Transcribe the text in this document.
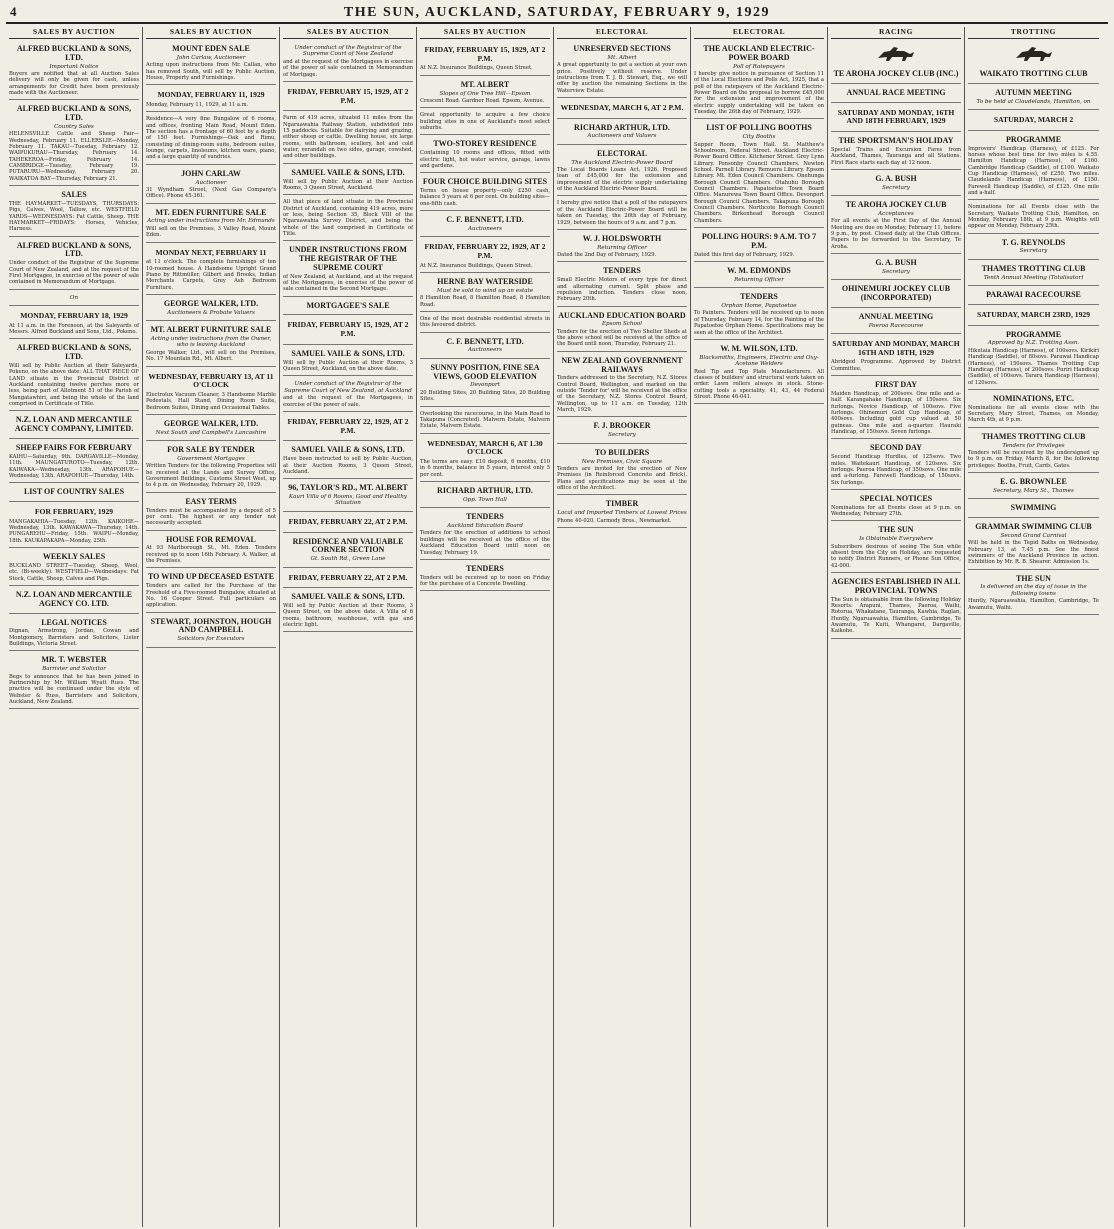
4	THE SUN, AUCKLAND, SATURDAY, FEBRUARY 9, 1929
SALES BY AUCTION
ALFRED BUCKLAND & SONS, LTD.
Important Notice
Buyers are notified that at all Auction Sales delivery will only be given for cash, unless arrangements for Credit have been previously made with the Auctioneer.
ALFRED BUCKLAND & SONS, LTD.
Country Sales
HELENSVILLE Cattle and Sheep Fair—Wednesday, February 11. ELLERSLIE—Monday, February 11. TAKAU—Tuesday, February 12. WAIPUKURAU—Thursday, February 14. TAHEKEROA—Friday, February 14. CAMBRIDGE—Tuesday, February 19. PUTARURU—Wednesday, February 20. WAIKATOA BAY—Thursday, February 21.
SALES
THE HAYMARKET—TUESDAYS, THURSDAYS: Pigs, Calves, Wool, Tallow, etc. WESTFIELD YARDS—WEDNESDAYS: Fat Cattle, Sheep. THE HAYMARKET—FRIDAYS: Horses, Vehicles, Harness.
ALFRED BUCKLAND & SONS, LTD.
Under conduct of the Registrar of the Supreme Court of New Zealand, and at the request of the First Mortgagee, in exercise of the power of sale contained in Memorandum of Mortgage.
On
MONDAY, FEBRUARY 18, 1929
At 11 a.m. in the Forenoon, at the Saleyards of Messrs. Alfred Buckland and Sons, Ltd., Pokeno.
ALFRED BUCKLAND & SONS, LTD.
Will sell by Public Auction at their Saleyards, Pokeno, on the above date: ALL THAT PIECE OF LAND situate in the Provincial District of Auckland containing twelve perches more or less, being part of Allotment 51 of the Parish of Mangatawhiri, and being the whole of the land comprised in Certificate of Title.
N.Z. LOAN AND MERCANTILE AGENCY COMPANY, LIMITED.
SHEEP FAIRS FOR FEBRUARY
KAIHU—Saturday, 9th. DARGAVILLE—Monday, 11th. MAUNGATUROTO—Tuesday, 12th. KAIWAKA—Wednesday, 13th. ARAPOHUE—Wednesday, 13th. ARAPOHUE—Thursday, 14th.
LIST OF COUNTRY SALES
FOR FEBRUARY, 1929
MANGAKAHIA—Tuesday, 12th. KAIKOHE—Wednesday, 13th. KAWAKAWA—Thursday, 14th. PUNGAREHU—Friday, 15th. WAIPU—Monday, 18th. KAUKAPAKAPA—Monday, 25th.
WEEKLY SALES
BUCKLAND STREET—Tuesday, Sheep, Wool, etc. (Bi-weekly). WESTFIELD—Wednesdays: Fat Stock, Cattle, Sheep, Calves and Pigs.
N.Z. LOAN AND MERCANTILE AGENCY CO. LTD.
LEGAL NOTICES
Dignan, Armstrong, Jordan, Cowan and Montgomery, Barristers and Solicitors, Lister Buildings, Victoria Street.
MR. T. WEBSTER
Barrister and Solicitor
Begs to announce that he has been joined in Partnership by Mr. William Wyatt Russ. The practice will be continued under the style of Webster & Russ, Barristers and Solicitors, Auckland, New Zealand.
SALES BY AUCTION
MOUNT EDEN SALE
John Carlaw, Auctioneer
Acting upon instructions from Mr. Callan, who has removed South, will sell by Public Auction, House, Property and Furnishings.
MONDAY, FEBRUARY 11, 1929
Monday, February 11, 1929, at 11 a.m.
Residence—A very fine Bungalow of 6 rooms, and offices, fronting Main Road, Mount Eden. The section has a frontage of 60 feet by a depth of 150 feet. Furnishings—Oak and Rimu, consisting of dining-room suite, bedroom suites, lounge, carpets, linoleums, kitchen ware, piano, and a large quantity of sundries.
JOHN CARLAW
Auctioneer
31 Wyndham Street, (Next Gas Company's Office). Phone 45-361.
MT. EDEN FURNITURE SALE
Acting under instructions from Mr. Edmunds
Will sell on the Premises, 3 Valley Road, Mount Eden.
MONDAY NEXT, FEBRUARY 11
at 11 o'clock. The complete furnishings of ten 10-roomed house. A Handsome Upright Grand Piano by Rittmüller, Gilbert and Brooks, Indian Merchants Carpets, Grey Ash Bedroom Furniture.
GEORGE WALKER, LTD.
Auctioneers & Probate Valuers
MT. ALBERT FURNITURE SALE
Acting under instructions from the Owner, who is leaving Auckland
George Walker, Ltd., will sell on the Premises, No. 17 Mountain Rd., Mt. Albert.
WEDNESDAY, FEBRUARY 13, AT 11 O'CLOCK
Electrolux Vacuum Cleaner, 3 Handsome Marble Pedestals, Hall Stand, Dining Room Suite, Bedroom Suites, Dining and Occasional Tables.
GEORGE WALKER, LTD.
Next South and Campbell's Lancashire
FOR SALE BY TENDER
Government Mortgages
Written Tenders for the following Properties will be received at the Lands and Survey Office, Government Buildings, Customs Street West, up to 4 p.m. on Wednesday, February 20, 1929.
EASY TERMS
Tenders must be accompanied by a deposit of 5 per cent. The highest or any tender not necessarily accepted.
HOUSE FOR REMOVAL
At 93 Marlborough St., Mt. Eden. Tenders received up to noon 16th February. A. Walker, at the Premises.
TO WIND UP DECEASED ESTATE
Tenders are called for the Purchase of the Freehold of a Five-roomed Bungalow, situated at No. 16 Cooper Street. Full particulars on application.
STEWART, JOHNSTON, HOUGH AND CAMPBELL
Solicitors for Executors
SALES BY AUCTION
Under conduct of the Registrar of the Supreme Court of New Zealand
and at the request of the Mortgagees in exercise of the power of sale contained in Memorandum of Mortgage.
FRIDAY, FEBRUARY 15, 1929, AT 2 P.M.
Farm of 419 acres, situated 11 miles from the Ngaruawahia Railway Station, subdivided into 15 paddocks. Suitable for dairying and grazing, either sheep or cattle. Dwelling house, six large rooms, with bathroom, scullery, hot and cold water, verandah on two sides, garage, cowshed, and other buildings.
SAMUEL VAILE & SONS, LTD.
Will sell by Public Auction at their Auction Rooms, 3 Queen Street, Auckland.
All that piece of land situate in the Provincial District of Auckland, containing 419 acres, more or less, being Section 35, Block VIII of the Ngaruawahia Survey District, and being the whole of the land comprised in Certificate of Title.
UNDER INSTRUCTIONS FROM THE REGISTRAR OF THE SUPREME COURT
of New Zealand, at Auckland, and at the request of the Mortgagees, in exercise of the power of sale contained in the Second Mortgage.
MORTGAGEE'S SALE
FRIDAY, FEBRUARY 15, 1929, AT 2 P.M.
SAMUEL VAILE & SONS, LTD.
Will sell by Public Auction at their Rooms, 3 Queen Street, Auckland, on the above date.
Under conduct of the Registrar of the Supreme Court of New Zealand, at Auckland
and at the request of the Mortgagees, in exercise of the power of sale.
FRIDAY, FEBRUARY 22, 1929, AT 2 P.M.
SAMUEL VAILE & SONS, LTD.
Have been instructed to sell by Public Auction, at their Auction Rooms, 3 Queen Street, Auckland.
96, TAYLOR'S RD., MT. ALBERT
Kauri Villa of 6 Rooms, Good and Healthy Situation
FRIDAY, FEBRUARY 22, AT 2 P.M.
RESIDENCE AND VALUABLE CORNER SECTION
Gt. South Rd., Green Lane
FRIDAY, FEBRUARY 22, AT 2 P.M.
SAMUEL VAILE & SONS, LTD.
Will sell by Public Auction at their Rooms, 3 Queen Street, on the above date. A Villa of 6 rooms, bathroom, washhouse, with gas and electric light.
SALES BY AUCTION
FRIDAY, FEBRUARY 15, 1929, AT 2 P.M.
At N.Z. Insurance Buildings, Queen Street.
MT. ALBERT
Slopes of One Tree Hill—Epsom
Crescent Road. Gardner Road. Epsom, Avenue.
Great opportunity to acquire a few choice building sites in one of Auckland's most select suburbs.
TWO-STOREY RESIDENCE
Containing 10 rooms and offices, fitted with electric light, hot water service, garage, lawns and gardens.
FOUR CHOICE BUILDING SITES
Terms on house property—only £250 cash, balance 5 years at 6 per cent. On building sites—one-fifth cash.
C. F. BENNETT, LTD.
Auctioneers
FRIDAY, FEBRUARY 22, 1929, AT 2 P.M.
At N.Z. Insurance Buildings, Queen Street.
HERNE BAY WATERSIDE
Must be sold to wind up an estate
8 Hamilton Road, 8 Hamilton Road, 8 Hamilton Road.
One of the most desirable residential streets in this favoured district.
C. F. BENNETT, LTD.
Auctioneers
SUNNY POSITION, FINE SEA VIEWS, GOOD ELEVATION
Devonport
20 Building Sites, 20 Building Sites, 20 Building Sites.
Overlooking the racecourse, in the Main Road to Takapuna (Concreted). Malvern Estate, Malvern Estate, Malvern Estate.
WEDNESDAY, MARCH 6, AT 1.30 O'CLOCK
The terms are easy. £10 deposit, 6 months, £10 in 6 months, balance in 5 years, interest only 5 per cent.
RICHARD ARTHUR, LTD.
Opp. Town Hall
TENDERS
Auckland Education Board
Tenders for the erection of additions to school buildings will be received at the office of the Auckland Education Board until noon on Tuesday, February 19.
TENDERS
Tenders will be received up to noon on Friday for the purchase of a Concrete Dwelling.
ELECTORAL
UNRESERVED SECTIONS
Mt. Albert
A great opportunity to get a section at your own price. Positively without reserve. Under instructions from T. J. B. Stewart, Esq., we will offer by auction the remaining Sections in the Waterview Estate.
WEDNESDAY, MARCH 6, AT 2 P.M.
RICHARD ARTHUR, LTD.
Auctioneers and Valuers
ELECTORAL
The Auckland Electric-Power Board
The Local Boards Loans Act, 1926. Proposed loan of £45,000 for the extension and improvement of the electric supply undertaking of the Auckland Electric-Power Board.
I hereby give notice that a poll of the ratepayers of the Auckland Electric-Power Board will be taken on Tuesday, the 26th day of February, 1929, between the hours of 9 a.m. and 7 p.m.
W. J. HOLDSWORTH
Returning Officer
Dated the 2nd Day of February, 1929.
TENDERS
Small Electric Motors of every type for direct and alternating current. Split phase and repulsion induction. Tenders close noon, February 20th.
AUCKLAND EDUCATION BOARD
Epsom School
Tenders for the erection of Two Shelter Sheds at the above school will be received at the office of the Board until noon, Thursday, February 21.
NEW ZEALAND GOVERNMENT RAILWAYS
Tenders addressed to the Secretary, N.Z. Stores Control Board, Wellington, and marked on the outside 'Tender for' will be received at the office of the Secretary, N.Z. Stores Control Board, Wellington, up to 11 a.m. on Tuesday, 12th March, 1929.
F. J. BROOKER
Secretary
TO BUILDERS
New Premises, Civic Square
Tenders are invited for the erection of New Premises (in Reinforced Concrete and Brick). Plans and specifications may be seen at the office of the Architect.
TIMBER
Local and Imported Timbers at Lowest Prices
Phone 40-020. Carmody Bros., Newmarket.
ELECTORAL
THE AUCKLAND ELECTRIC-POWER BOARD
Poll of Ratepayers
I hereby give notice in pursuance of Section 11 of the Local Elections and Polls Act, 1925, that a poll of the ratepayers of the Auckland Electric-Power Board on the proposal to borrow £45,000 for the extension and improvement of the electric supply undertaking will be taken on Tuesday, the 26th day of February, 1929.
LIST OF POLLING BOOTHS
City Booths
Supper Room, Town Hall. St. Matthew's Schoolroom, Federal Street. Auckland Electric-Power Board Office. Kitchener Street. Grey Lynn Library. Ponsonby Council Chambers. Newton School. Parnell Library. Remuera Library. Epsom Library. Mt. Eden Council Chambers. Onehunga Borough Council Chambers. Otahuhu Borough Council Chambers. Papatoetoe Town Board Office. Manurewa Town Board Office. Devonport Borough Council Chambers. Takapuna Borough Council Chambers. Northcote Borough Council Chambers. Birkenhead Borough Council Chambers.
POLLING HOURS: 9 A.M. TO 7 P.M.
Dated this first day of February, 1929.
W. M. EDMONDS
Returning Officer
TENDERS
Orphan Home, Papatoetoe
To Painters. Tenders will be received up to noon of Thursday, February 14, for the Painting of the Papatoetoe Orphan Home. Specifications may be seen at the office of the Architect.
W. M. WILSON, LTD.
Blacksmiths, Engineers, Electric and Oxy-Acetone Welders
Reel Tip and Top Plate Manufacturers. All classes of builders' and structural work taken on order. Lawn rollers always in stock. Stone-cutting tools a speciality. 41, 43, 44 Federal Street. Phone 46-041.
RACING
TE AROHA JOCKEY CLUB (INC.)
ANNUAL RACE MEETING
SATURDAY AND MONDAY, 16TH AND 18TH FEBRUARY, 1929
THE SPORTSMAN'S HOLIDAY
Special Trains and Excursion Fares from Auckland, Thames, Tauranga and all Stations. First Race starts each day at 12 noon.
G. A. BUSH
Secretary
TE AROHA JOCKEY CLUB
Acceptances
For all events at the First Day of the Annual Meeting are due on Monday, February 11, before 9 p.m., by post. Closed daily at the Club Offices. Papers to be forwarded to the Secretary, Te Aroha.
G. A. BUSH
Secretary
OHINEMURI JOCKEY CLUB (INCORPORATED)
ANNUAL MEETING
Paeroa Racecourse
SATURDAY AND MONDAY, MARCH 16TH AND 18TH, 1929
Abridged Programme. Approved by District Committee.
FIRST DAY
Maiden Handicap, of 200sovs. One mile and a-half. Karangahake Handicap, of 150sovs. Six furlongs. Novice Handicap, of 100sovs. Five furlongs. Ohinemuri Gold Cup Handicap, of 400sovs. Including gold cup valued at 50 guineas. One mile and a-quarter. Hauraki Handicap, of 150sovs. Seven furlongs.
SECOND DAY
Second Handicap Hurdles, of 125sovs. Two miles. Waitekauri Handicap, of 120sovs. Six furlongs. Paeroa Handicap, of 350sovs. One mile and a-furlong. Farewell Handicap, of 150sovs. Six furlongs.
SPECIAL NOTICES
Nominations for all Events close at 9 p.m. on Wednesday, February 27th.
THE SUN
Is Obtainable Everywhere
Subscribers desirous of seeing The Sun while absent from the City on Holiday, are requested to notify District Runners, or Phone Sun Office, 42-000.
AGENCIES ESTABLISHED IN ALL PROVINCIAL TOWNS
The Sun is obtainable from the following Holiday Resorts: Arapuni, Thames, Paeroa, Waihi, Rotorua, Whakatane, Tauranga, Kawhia, Raglan, Huntly, Ngaruawahia, Hamilton, Cambridge, Te Awamutu, Te Kuiti, Whangarei, Dargaville, Kaikohe.
TROTTING
WAIKATO TROTTING CLUB
AUTUMN MEETING
To be held at Claudelands, Hamilton, on
SATURDAY, MARCH 2
PROGRAMME
Improvers' Handicap (Harness), of £125. For horses whose best time for two miles is 4.55. Hamilton Handicap (Harness), of £160. Cambridge Handicap (Saddle), of £100. Waikato Cup Handicap (Harness), of £250. Two miles. Claudelands Handicap (Harness), of £150. Farewell Handicap (Saddle), of £125. One mile and a-half.
Nominations for all Events close with the Secretary, Waikato Trotting Club, Hamilton, on Monday, February 18th, at 9 p.m. Weights will appear on Monday, February 25th.
T. G. REYNOLDS
Secretary
THAMES TROTTING CLUB
Tenth Annual Meeting (Totalisator)
PARAWAI RACECOURSE
SATURDAY, MARCH 23RD, 1929
PROGRAMME
Approved by N.Z. Trotting Assn.
Hikutaia Handicap (Harness), of 100sovs. Kirikiri Handicap (Saddle), of 80sovs. Parawai Handicap (Harness), of 150sovs. Thames Trotting Cup Handicap (Harness), of 200sovs. Puriri Handicap (Saddle), of 100sovs. Tararu Handicap (Harness), of 120sovs.
NOMINATIONS, ETC.
Nominations for all events close with the Secretary, Mary Street, Thames, on Monday, March 4th, at 9 p.m.
THAMES TROTTING CLUB
Tenders for Privileges
Tenders will be received by the undersigned up to 9 p.m. on Friday, March 8, for the following privileges: Booths, Fruit, Cards, Gates.
E. G. BROWNLEE
Secretary, Mary St., Thames
SWIMMING
GRAMMAR SWIMMING CLUB
Second Grand Carnival
Will be held in the Tepid Baths on Wednesday, February 13, at 7.45 p.m. See the finest swimmers of the Auckland Province in action. Exhibition by Mr. R. B. Shearer. Admission 1s.
THE SUN
Is delivered on the day of issue in the following towns
Huntly, Ngaruawahia, Hamilton, Cambridge, Te Awamutu, Waihi.
